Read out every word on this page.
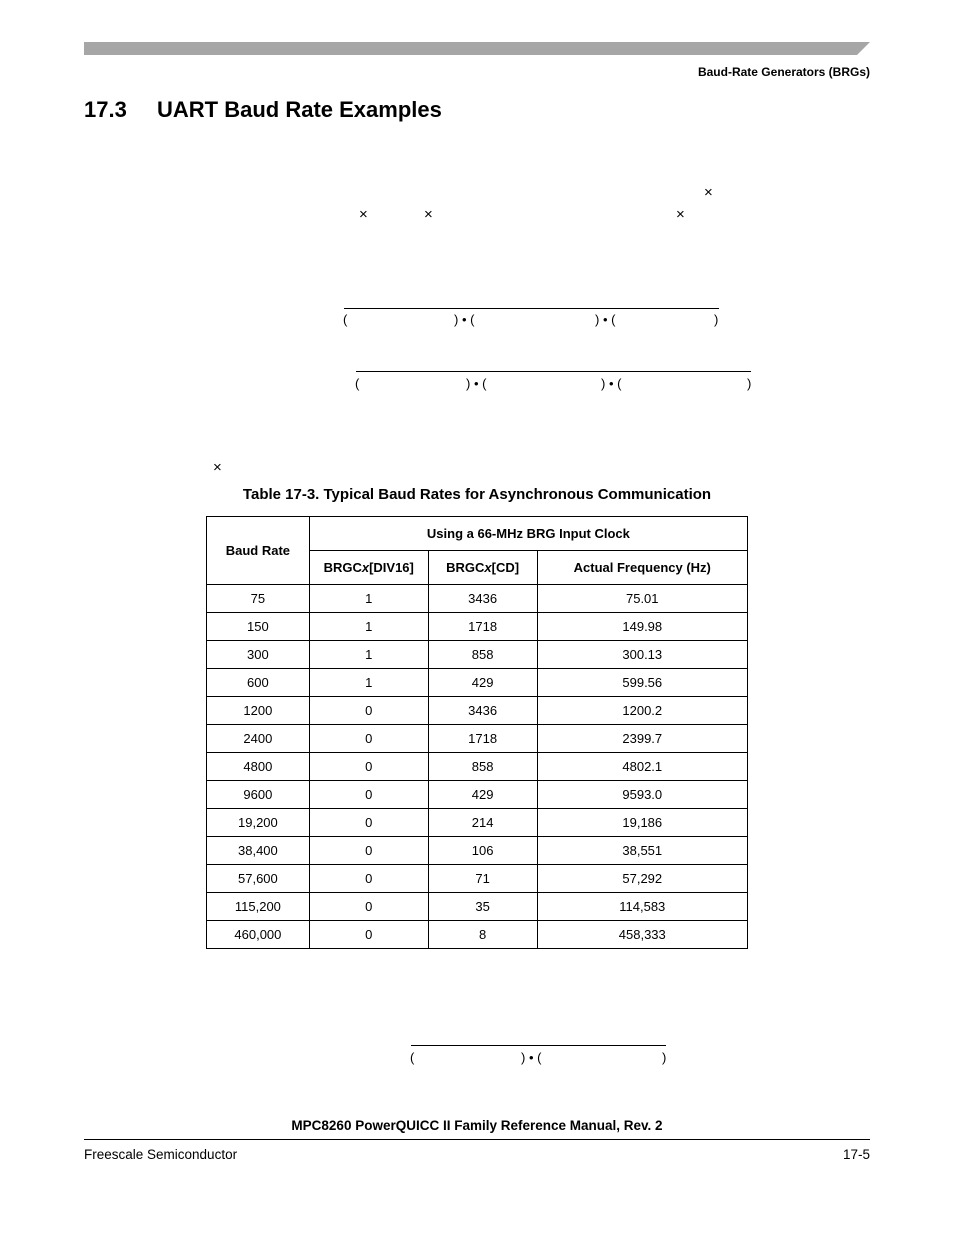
Baud-Rate Generators (BRGs)
17.3 UART Baud Rate Examples
×
×	×	×
(	) • (	) • (	)
(	) • (	) • (	)
×
Table 17-3. Typical Baud Rates for Asynchronous Communication
Baud Rate	Using a 66-MHz BRG Input Clock		
	BRGCx[DIV16]	BRGCx[CD]	Actual Frequency (Hz)
75	1	3436	75.01
150	1	1718	149.98
300	1	858	300.13
600	1	429	599.56
1200	0	3436	1200.2
2400	0	1718	2399.7
4800	0	858	4802.1
9600	0	429	9593.0
19,200	0	214	19,186
38,400	0	106	38,551
57,600	0	71	57,292
115,200	0	35	114,583
460,000	0	8	458,333
(	) • (	)
MPC8260 PowerQUICC II Family Reference Manual, Rev. 2
Freescale Semiconductor	17-5
